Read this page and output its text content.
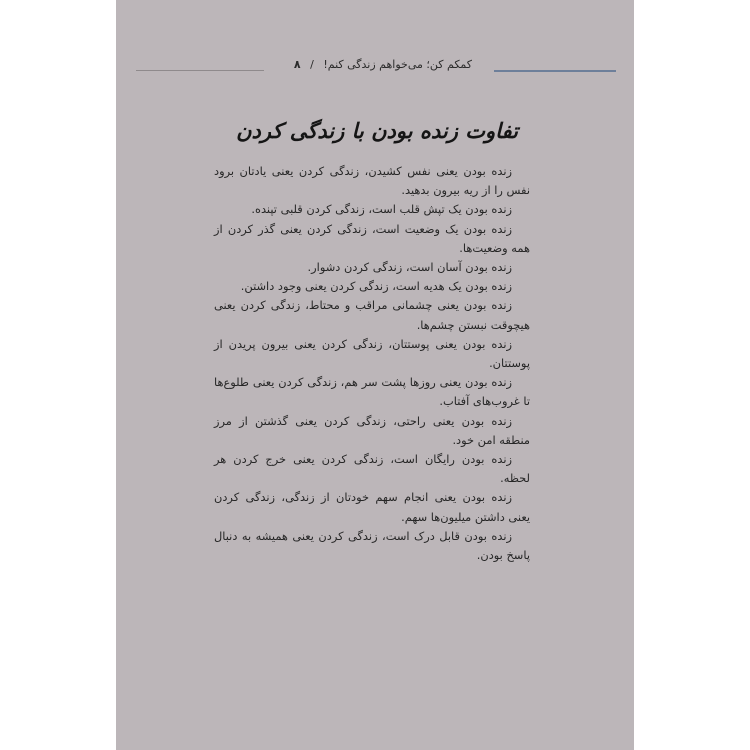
کمکم کن؛ می‌خواهم زندگی کنم! / ۸
تفاوت زنده بودن با زندگی کردن

زنده بودن یعنی نفس کشیدن، زندگی کردن یعنی یادتان برود نفس را از ریه بیرون بدهید.

زنده بودن یک تپش قلب است، زندگی کردن قلبی تپنده.

زنده بودن یک وضعیت است، زندگی کردن یعنی گذر کردن از همه وضعیت‌ها.

زنده بودن آسان است، زندگی کردن دشوار.

زنده بودن یک هدیه است، زندگی کردن یعنی وجود داشتن.

زنده بودن یعنی چشمانی مراقب و محتاط، زندگی کردن یعنی هیچوقت نبستن چشم‌ها.

زنده بودن یعنی پوستتان، زندگی کردن یعنی بیرون پریدن از پوستتان.

زنده بودن یعنی روزها پشت سر هم، زندگی کردن یعنی طلوع‌ها تا غروب‌های آفتاب.

زنده بودن یعنی راحتی، زندگی کردن یعنی گذشتن از مرز منطقه امن خود.

زنده بودن رایگان است، زندگی کردن یعنی خرج کردن هر لحظه.

زنده بودن یعنی انجام سهم خودتان از زندگی، زندگی کردن یعنی داشتن میلیون‌ها سهم.

زنده بودن قابل درک است، زندگی کردن یعنی همیشه به دنبال پاسخ بودن.
